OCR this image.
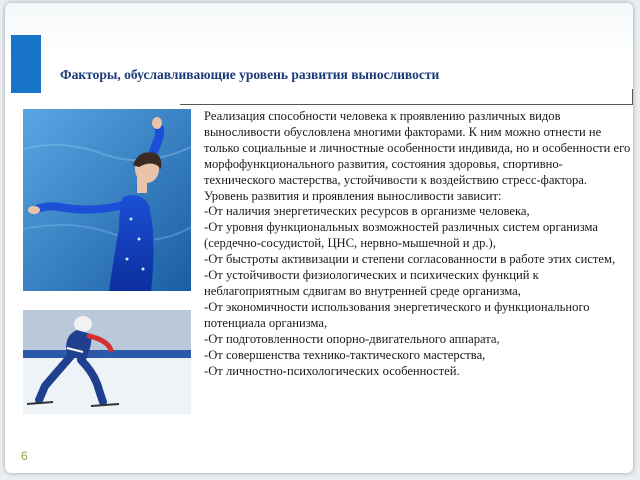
Факторы, обуславливающие уровень развития выносливости

Реализация способности человека к проявлению различных видов выносливости обусловлена многими факторами. К ним можно отнести не только социальные и личностные особенности индивида, но и особенности его морфофункционального развития, состояния здоровья, спортивно-технического мастерства, устойчивости к воздействию стресс-фактора.

Уровень развития и проявления выносливости зависит:

-От наличия энергетических ресурсов в организме человека,

-От уровня функциональных возможностей различных систем организма (сердечно-сосудистой, ЦНС, нервно-мышечной и др.),

-От быстроты активизации и степени согласованности в работе этих систем,

-От устойчивости физиологических и психических функций к неблагоприятным сдвигам во внутренней среде организма,

-От экономичности использования энергетического и функционального потенциала организма,

-От подготовленности опорно-двигательного аппарата,

-От совершенства технико-тактического мастерства,

-От личностно-психологических особенностей.

6
